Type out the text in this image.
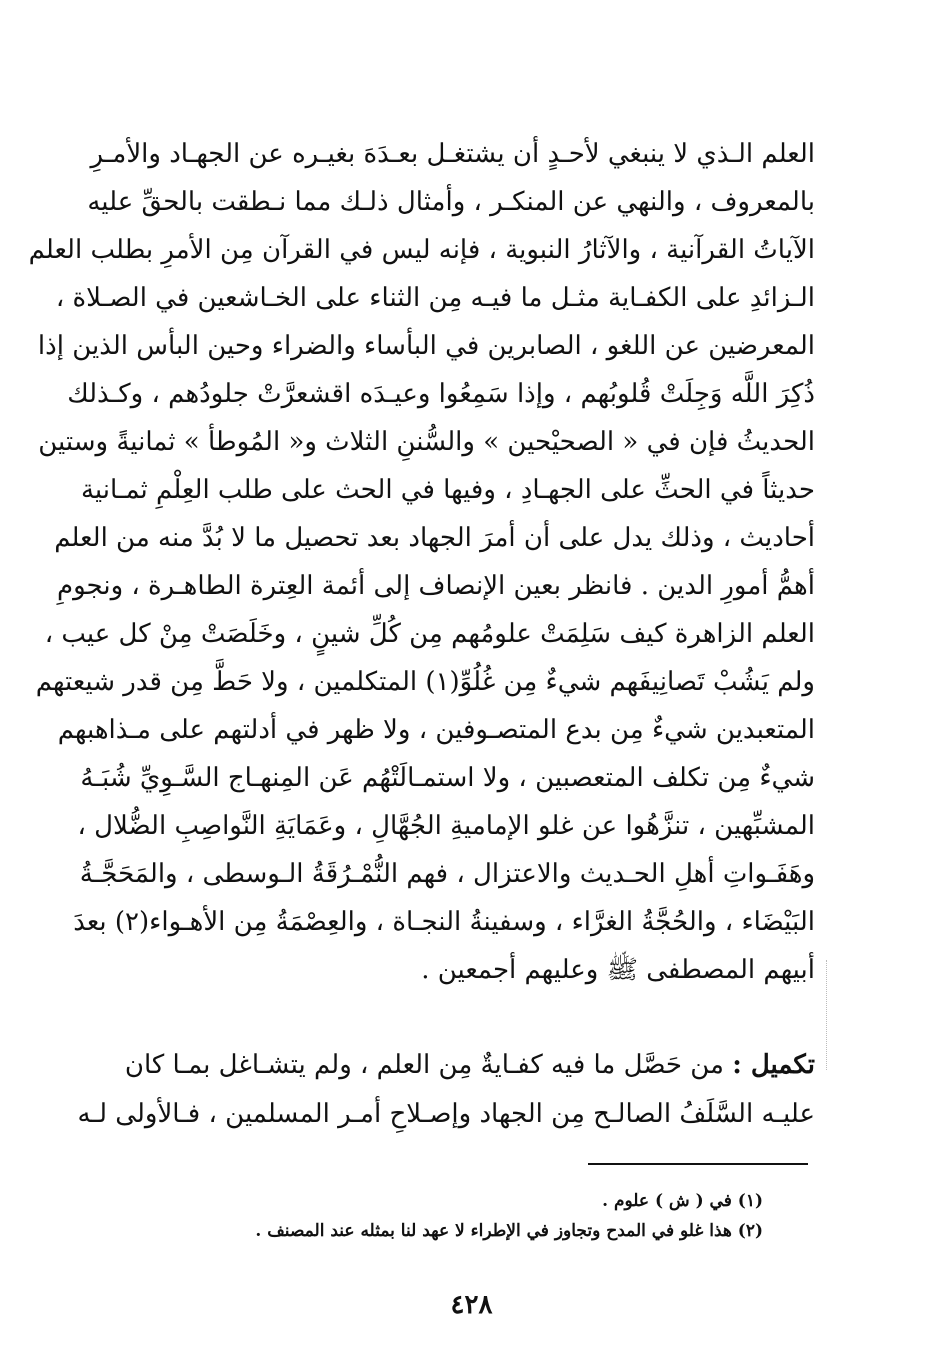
العلم الـذي لا ينبغي لأحـدٍ أن يشتغـل بعـدَهَ بغيـره عن الجهـاد والأمـرِ
بالمعروف ، والنهي عن المنكـر ، وأمثال ذلـك مما نـطقت بالحقِّ عليه
الآياتُ القرآنية ، والآثارُ النبوية ، فإنه ليس في القرآن مِن الأمرِ بطلب العلم
الـزائدِ على الكفـاية مثـل ما فيـه مِن الثناء على الخـاشعين في الصـلاة ،
المعرضين عن اللغو ، الصابرين في البأساء والضراء وحين البأس الذين إذا
ذُكِرَ اللَّه وَجِلَتْ قُلوبُهم ، وإذا سَمِعُوا وعيـدَه اقشعرَّتْ جلودُهم ، وكـذلك
الحديثُ فإن في « الصحيْحين » والسُّننِ الثلاث و« المُوطأ » ثمانيةً وستين
حديثاً في الحثِّ على الجهـادِ ، وفيها في الحث على طلب العِلْمِ ثمـانية
أحاديث ، وذلك يدل على أن أمرَ الجهاد بعد تحصيل ما لا بُدَّ منه من العلم
أهمُّ أمورِ الدين . فانظر بعين الإنصاف إلى أئمة العِترة الطاهـرة ، ونجومِ
العلم الزاهرة كيف سَلِمَتْ علومُهم مِن كُلِّ شينٍ ، وخَلَصَتْ مِنْ كل عيب ،
ولم يَشُبْ تَصانِيفَهم شيءٌ مِن غُلُوِّ(١) المتكلمين ، ولا حَطَّ مِن قدر شيعتهم
المتعبدين شيءٌ مِن بدع المتصـوفين ، ولا ظهر في أدلتهم على مـذاهبهم
شيءٌ مِن تكلف المتعصبين ، ولا استمـالَتْهُم عَن المِنهـاج السَّـوِيِّ شُبَـهُ
المشبِّهين ، تنزَّهُوا عن غلو الإماميةِ الجُهَّالِ ، وعَمَايَةِ النَّواصِبِ الضُّلال ،
وهَفَـواتِ أهلِ الحـديث والاعتزال ، فهم النُّمْـرُقَةُ الـوسطى ، والمَحَجَّـةُ
البَيْضَاء ، والحُجَّةُ الغرَّاء ، وسفينةُ النجـاة ، والعِصْمَةُ مِن الأهـواء(٢) بعدَ
أبيهم المصطفى ﷺ وعليهم أجمعين .
تكميل : من حَصَّل ما فيه كفـايةٌ مِن العلم ، ولم يتشـاغل بمـا كان
عليـه السَّلَفُ الصالـح مِن الجهاد وإصـلاحِ أمـر المسلمين ، فـالأولى لـه
(١) في ( ش ) علوم .
(٢) هذا غلو في المدح وتجاوز في الإطراء لا عهد لنا بمثله عند المصنف .
٤٢٨
